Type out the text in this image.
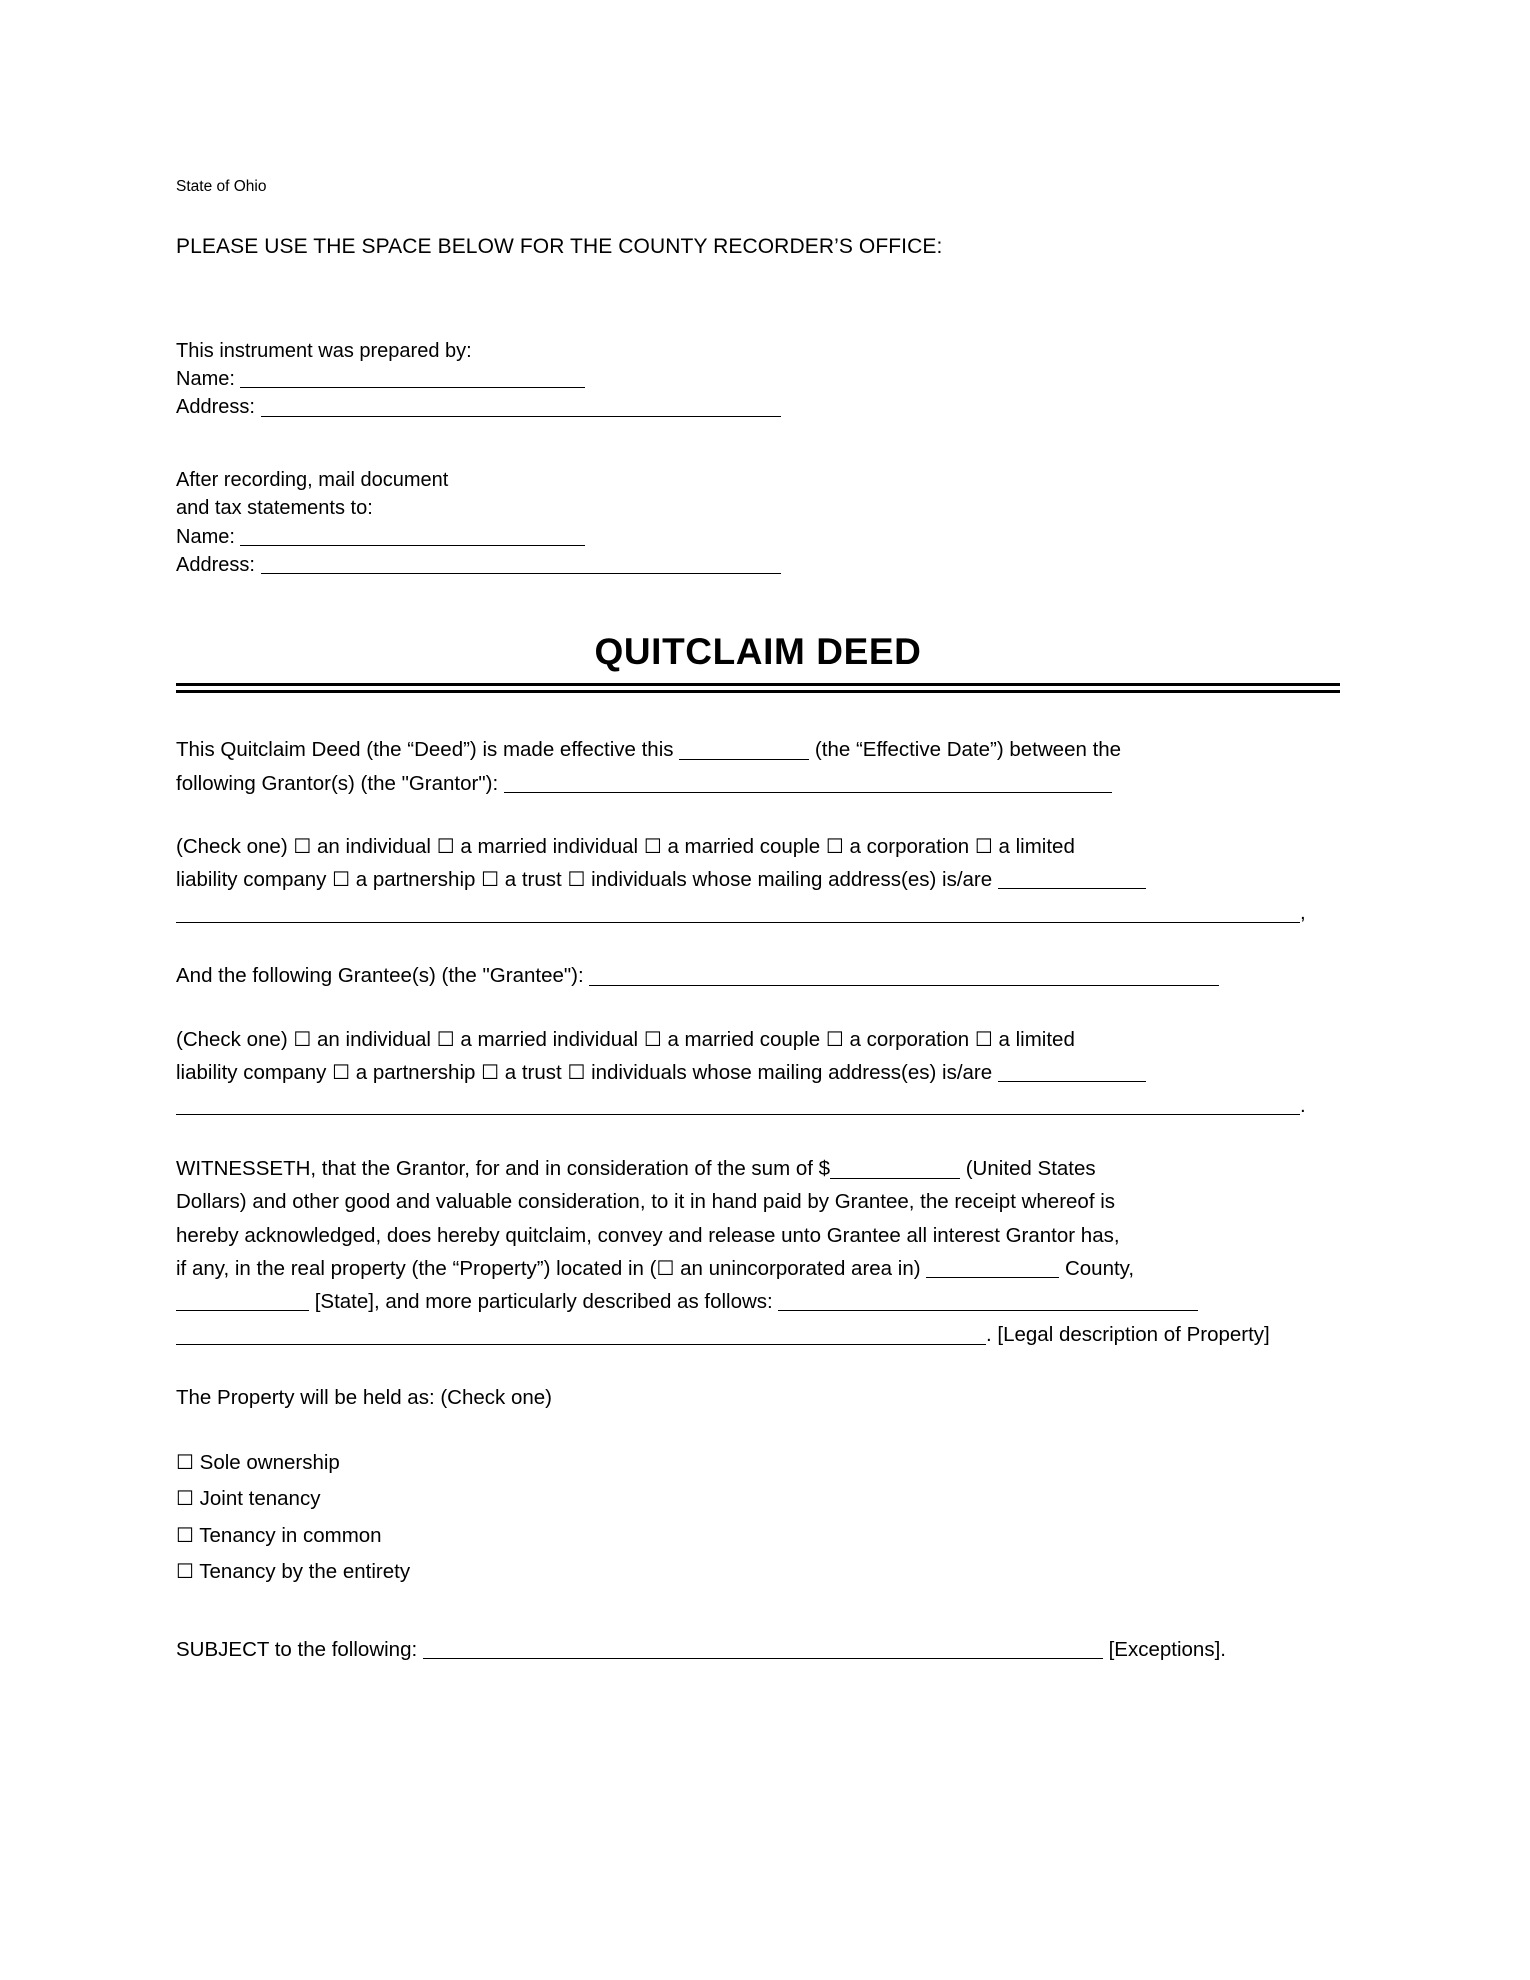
State of Ohio
PLEASE USE THE SPACE BELOW FOR THE COUNTY RECORDER’S OFFICE:

This instrument was prepared by:

Name:

Address:

After recording, mail document

and tax statements to:

Name:

Address:

QUITCLAIM DEED

This Quitclaim Deed (the “Deed”) is made effective this	(the “Effective Date”) between the

following Grantor(s) (the "Grantor"):

(Check one) ☐ an individual ☐ a married individual ☐ a married couple ☐ a corporation ☐ a limited

liability company ☐ a partnership ☐ a trust ☐ individuals whose mailing address(es) is/are

,

And the following Grantee(s) (the "Grantee"):

(Check one) ☐ an individual ☐ a married individual ☐ a married couple ☐ a corporation ☐ a limited

liability company ☐ a partnership ☐ a trust ☐ individuals whose mailing address(es) is/are

.

WITNESSETH, that the Grantor, for and in consideration of the sum of $	(United States

Dollars) and other good and valuable consideration, to it in hand paid by Grantee, the receipt whereof is

hereby acknowledged, does hereby quitclaim, convey and release unto Grantee all interest Grantor has,

if any, in the real property (the “Property”) located in (☐ an unincorporated area in)	County,

[State], and more particularly described as follows:

. [Legal description of Property]

The Property will be held as: (Check one)

☐ Sole ownership
☐ Joint tenancy
☐ Tenancy in common
☐ Tenancy by the entirety
SUBJECT to the following:	[Exceptions].
